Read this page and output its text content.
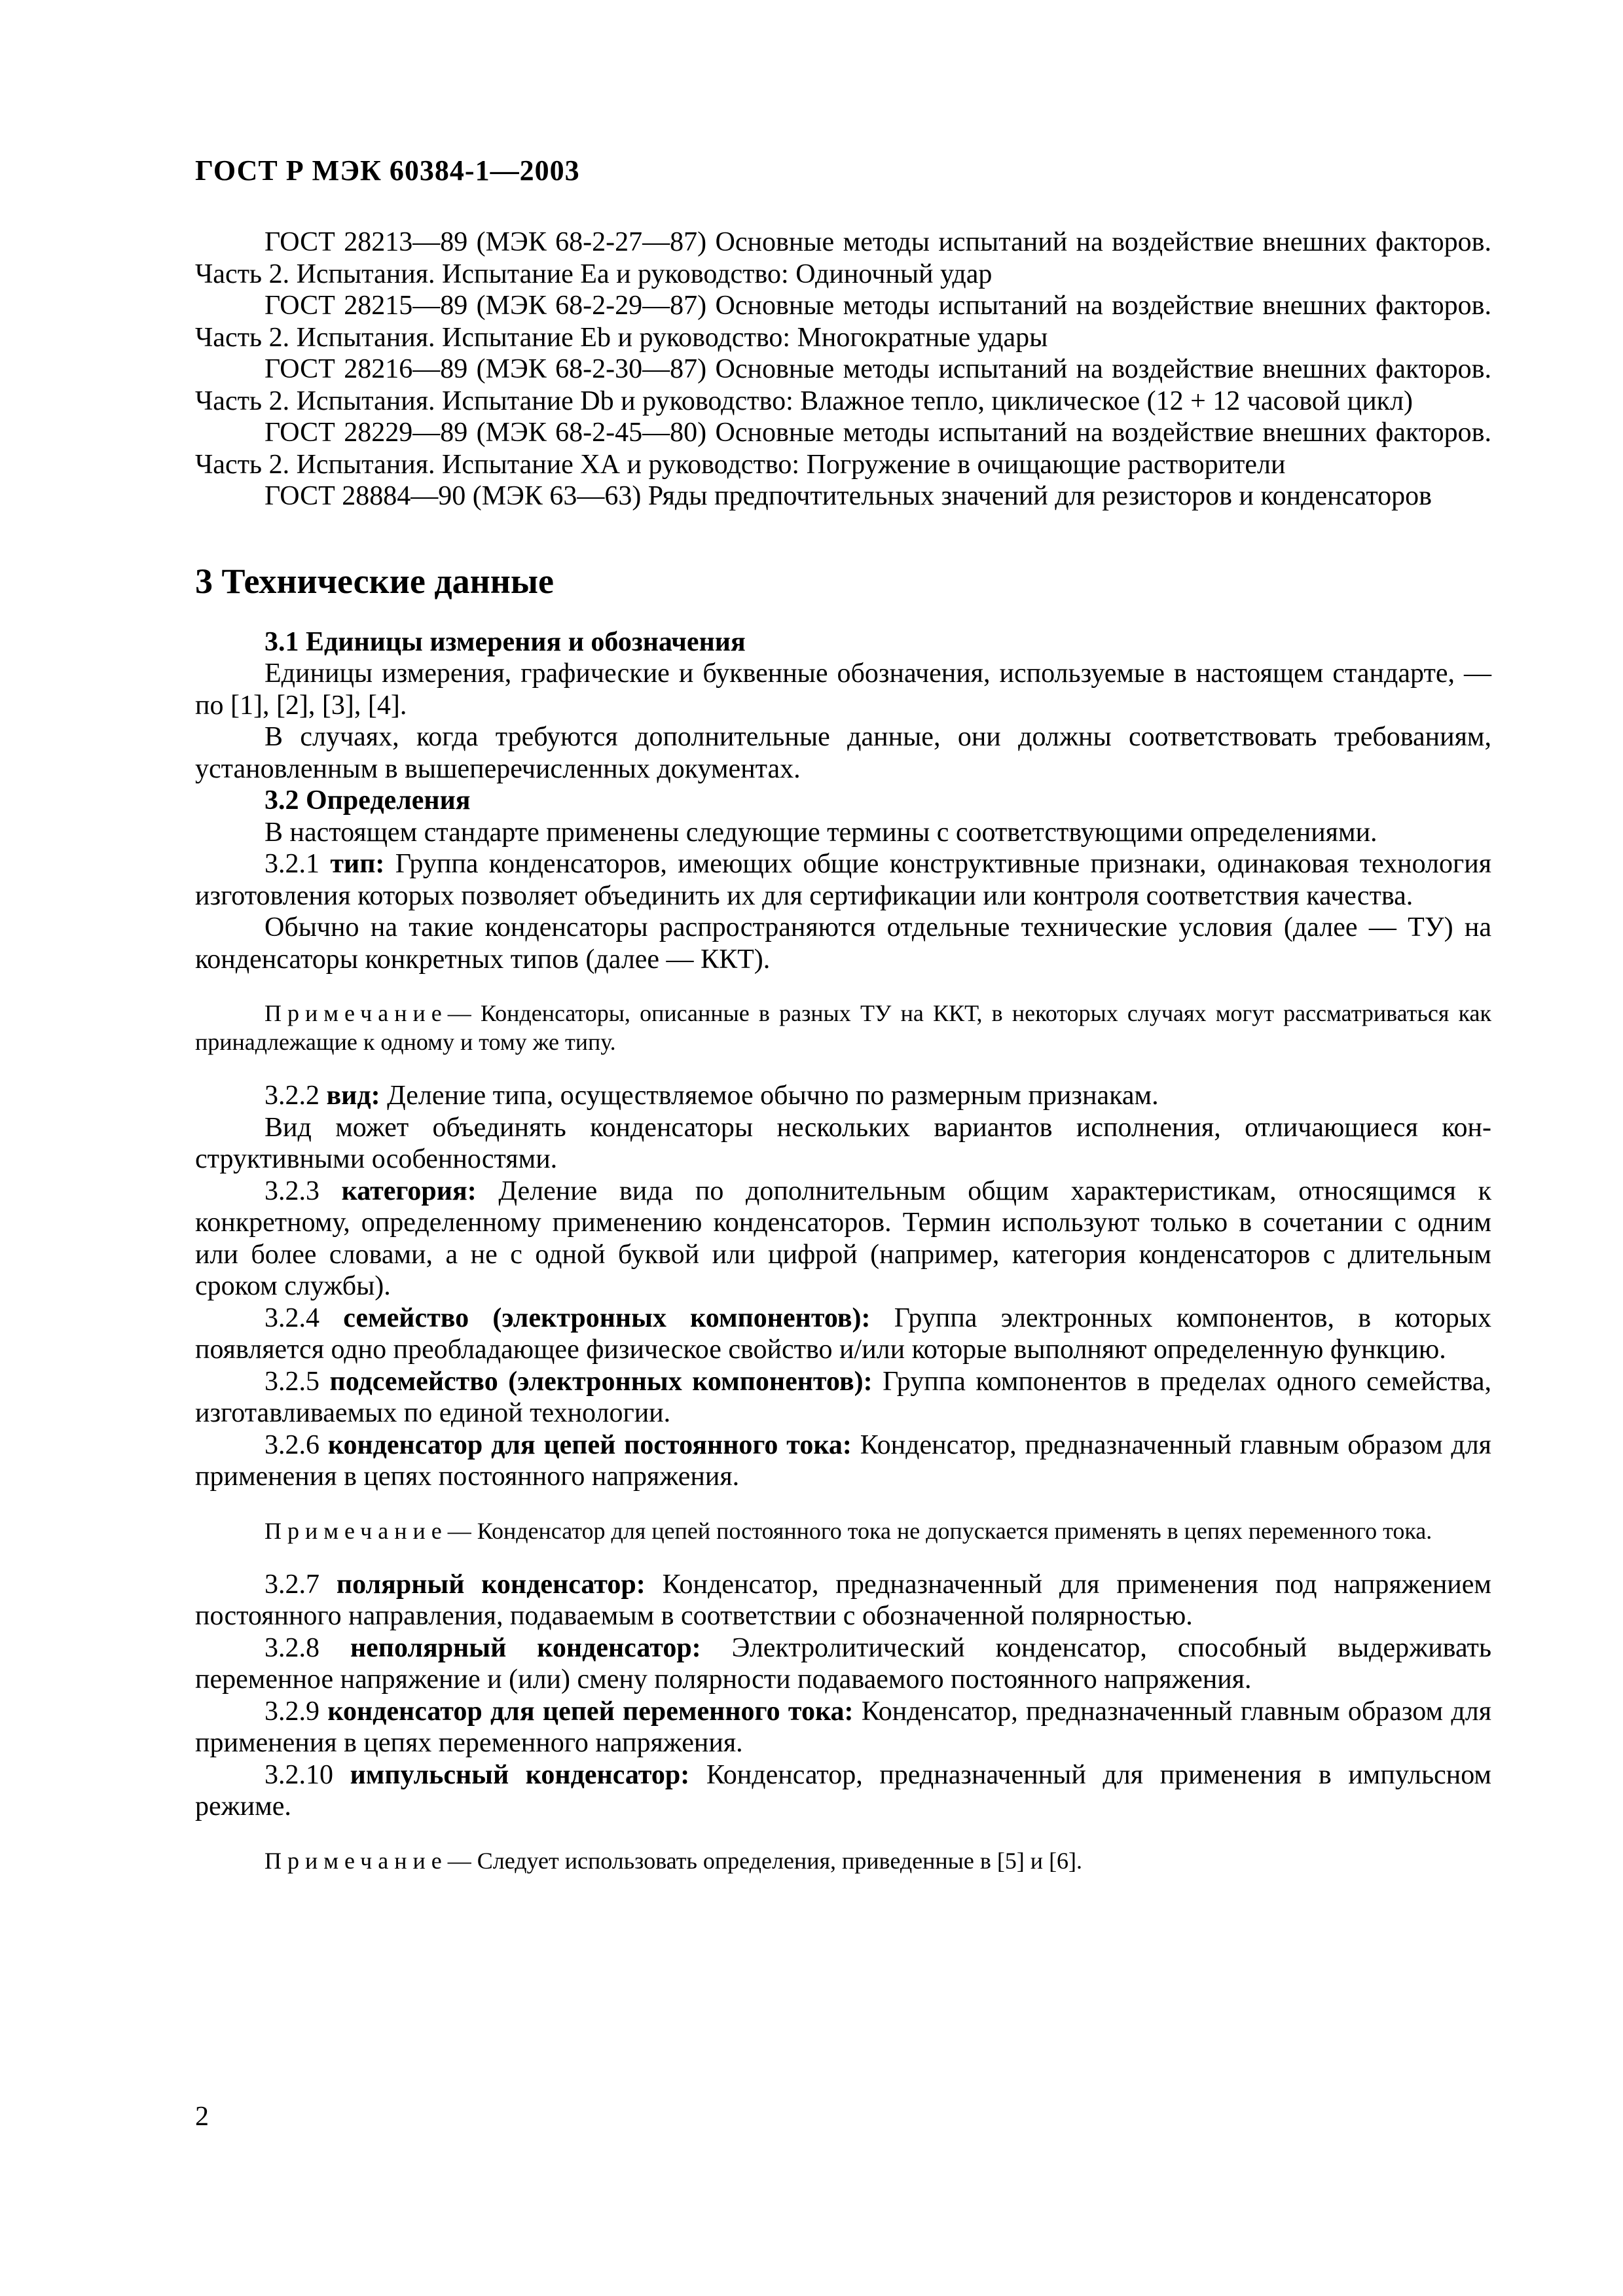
ГОСТ Р МЭК 60384-1—2003

ГОСТ 28213—89 (МЭК 68-2-27—87) Основные методы испытаний на воздействие внешних факторов. Часть 2. Испытания. Испытание Еа и руководство: Одиночный удар

ГОСТ 28215—89 (МЭК 68-2-29—87) Основные методы испытаний на воздействие внешних факторов. Часть 2. Испытания. Испытание Eb и руководство: Многократные удары

ГОСТ 28216—89 (МЭК 68-2-30—87) Основные методы испытаний на воздействие внешних факторов. Часть 2. Испытания. Испытание Db и руководство: Влажное тепло, циклическое (12 + 12 часовой цикл)

ГОСТ 28229—89 (МЭК 68-2-45—80) Основные методы испытаний на воздействие внешних факторов. Часть 2. Испытания. Испытание ХА и руководство: Погружение в очищающие растворители

ГОСТ 28884—90 (МЭК 63—63) Ряды предпочтительных значений для резисторов и конденсаторов

3 Технические данные

3.1 Единицы измерения и обозначения

Единицы измерения, графические и буквенные обозначения, используемые в настоящем стандарте, — по [1], [2], [3], [4].

В случаях, когда требуются дополнительные данные, они должны соответствовать требованиям, установленным в вышеперечисленных документах.

3.2 Определения

В настоящем стандарте применены следующие термины с соответствующими определениями.

3.2.1 тип: Группа конденсаторов, имеющих общие конструктивные признаки, одинаковая технология изготовления которых позволяет объединить их для сертификации или контроля соответствия качества.

Обычно на такие конденсаторы распространяются отдельные технические условия (далее — ТУ) на конденсаторы конкретных типов (далее — ККТ).

Примечание— Конденсаторы, описанные в разных ТУ на ККТ, в некоторых случаях могут рассматриваться как принадлежащие к одному и тому же типу.

3.2.2 вид: Деление типа, осуществляемое обычно по размерным признакам.

Вид может объединять конденсаторы нескольких вариантов исполнения, отличающиеся конструктивными особенностями.

3.2.3 категория: Деление вида по дополнительным общим характеристикам, относящимся к конкретному, определенному применению конденсаторов. Термин используют только в сочетании с одним или более словами, а не с одной буквой или цифрой (например, категория конденсаторов с длительным сроком службы).

3.2.4 семейство (электронных компонентов): Группа электронных компонентов, в которых появляется одно преобладающее физическое свойство и/или которые выполняют определенную функцию.

3.2.5 подсемейство (электронных компонентов): Группа компонентов в пределах одного семейства, изготавливаемых по единой технологии.

3.2.6 конденсатор для цепей постоянного тока: Конденсатор, предназначенный главным образом для применения в цепях постоянного напряжения.

Примечание— Конденсатор для цепей постоянного тока не допускается применять в цепях переменного тока.

3.2.7 полярный конденсатор: Конденсатор, предназначенный для применения под напряжением постоянного направления, подаваемым в соответствии с обозначенной полярностью.

3.2.8 неполярный конденсатор: Электролитический конденсатор, способный выдерживать переменное напряжение и (или) смену полярности подаваемого постоянного напряжения.

3.2.9 конденсатор для цепей переменного тока: Конденсатор, предназначенный главным образом для применения в цепях переменного напряжения.

3.2.10 импульсный конденсатор: Конденсатор, предназначенный для применения в импульсном режиме.

Примечание— Следует использовать определения, приведенные в [5] и [6].

2
